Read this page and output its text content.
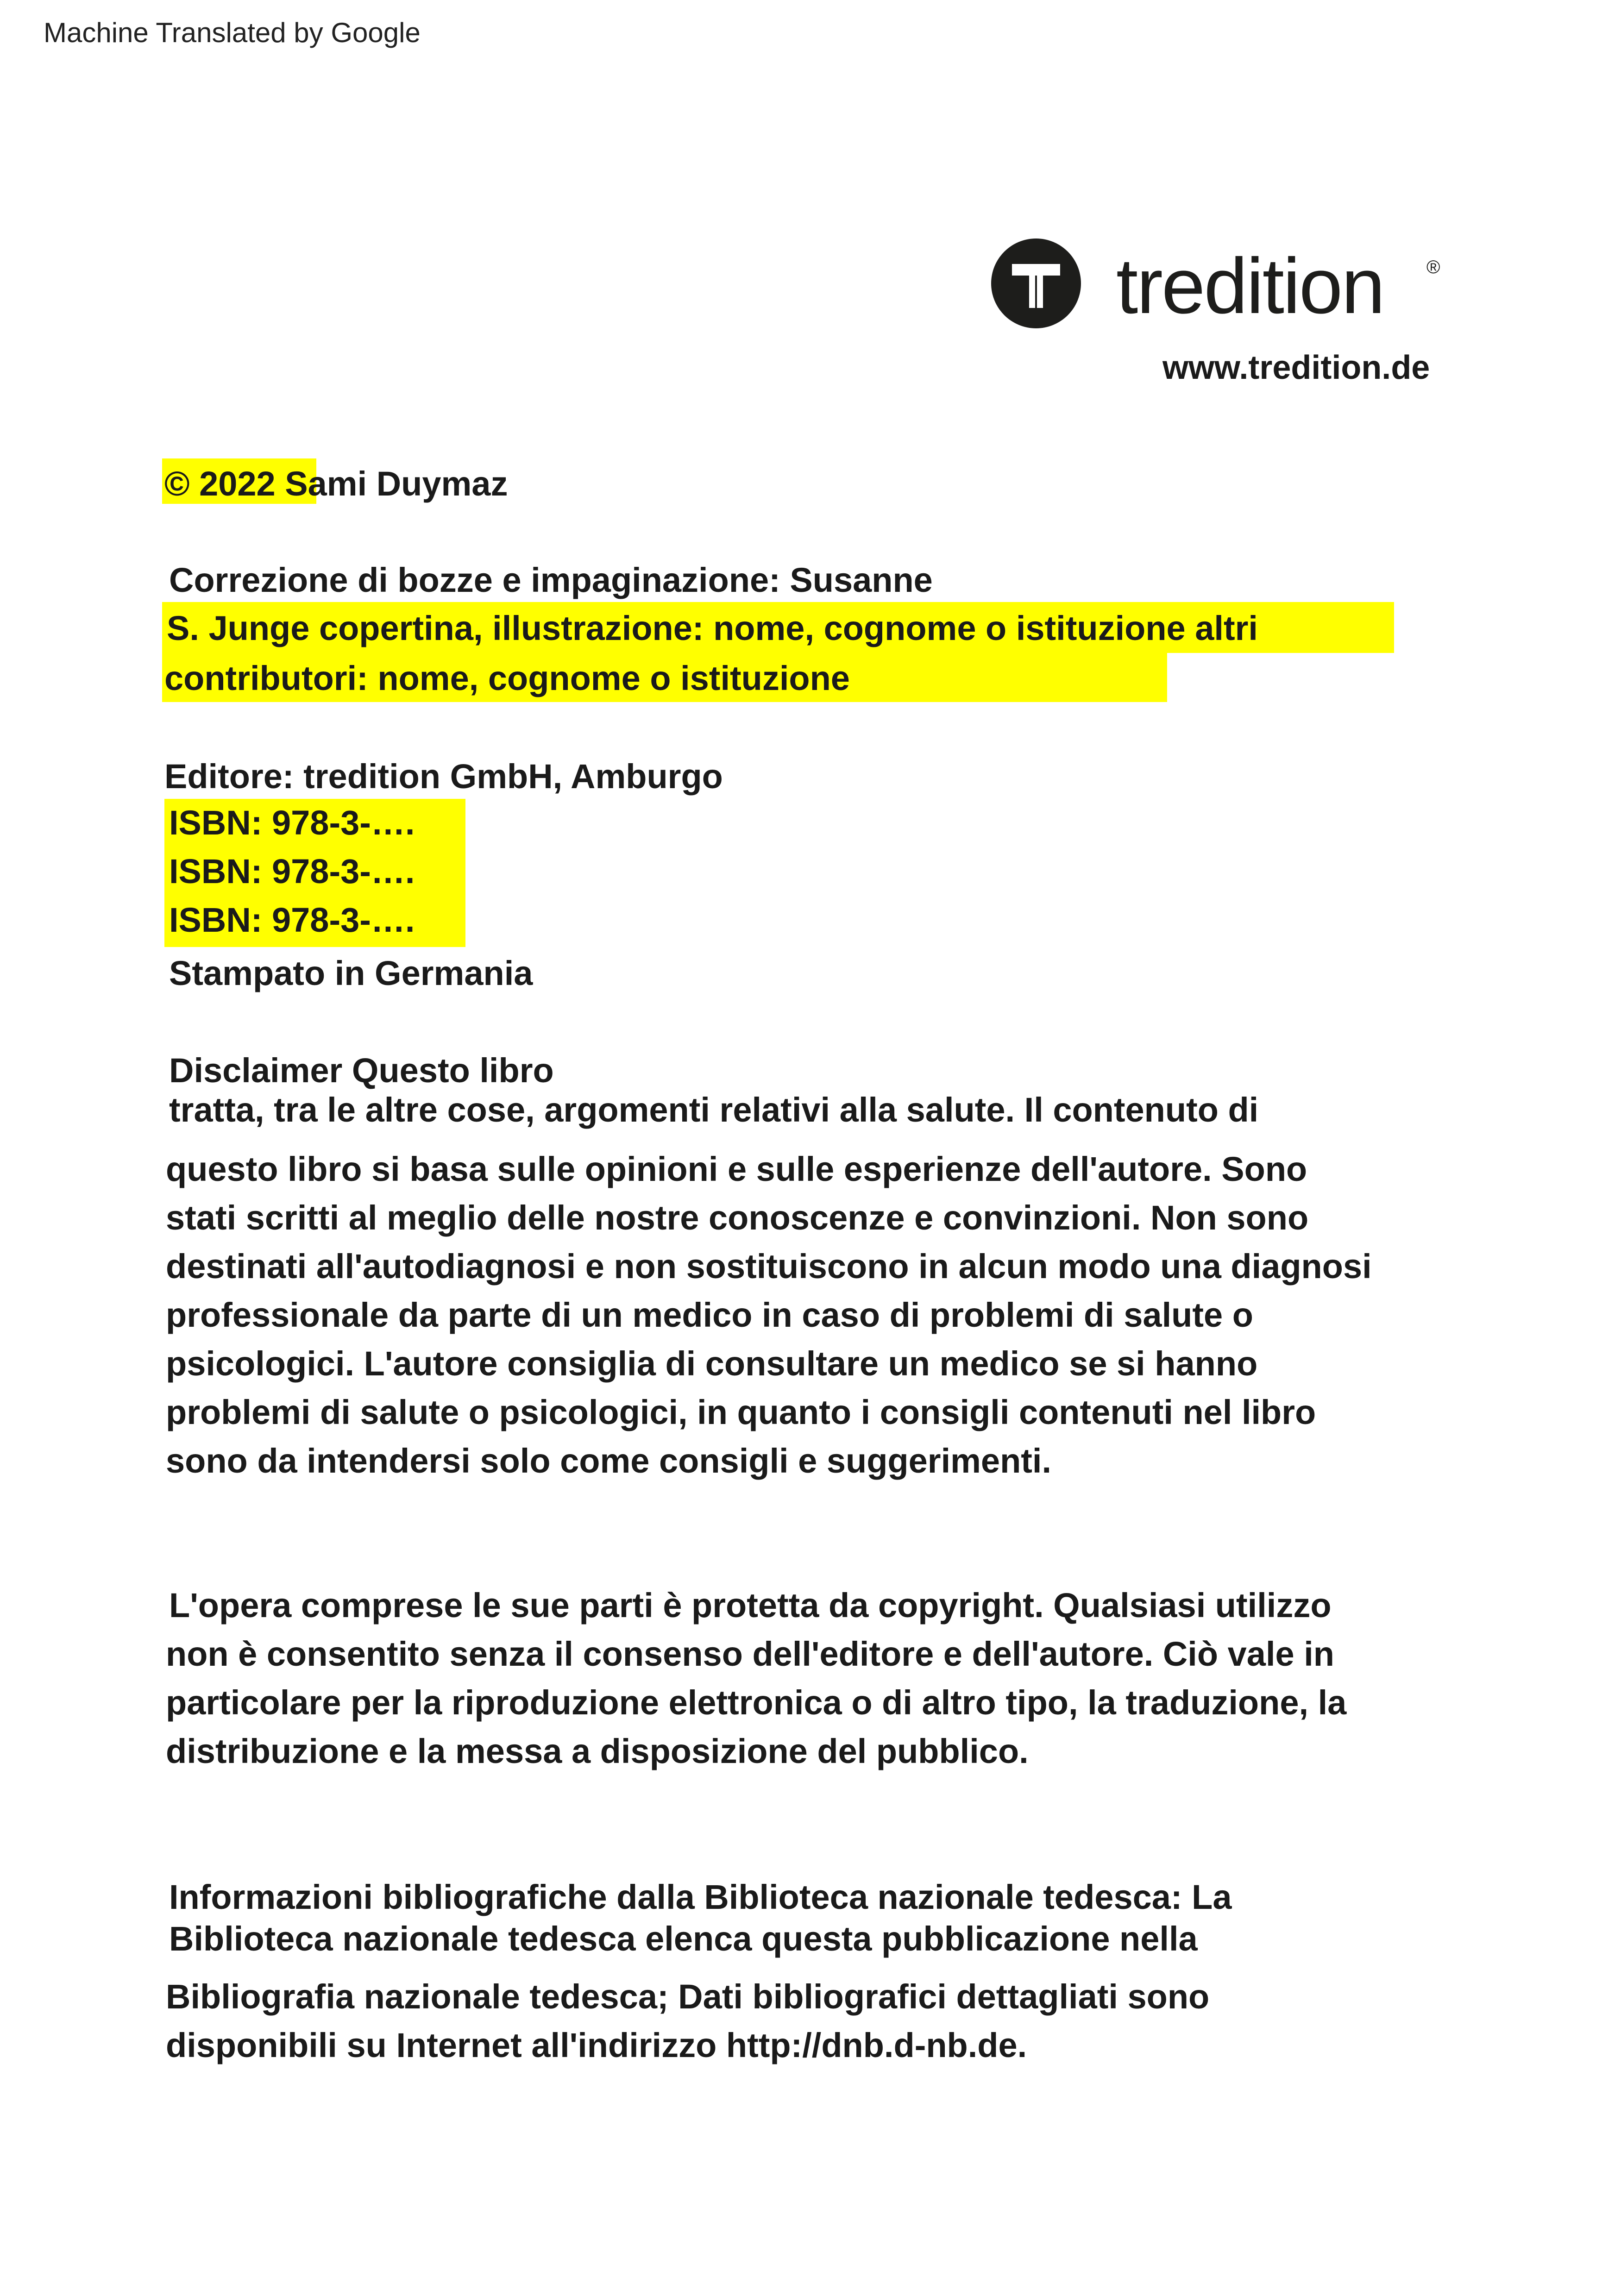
Machine Translated by Google
tredition ®
www.tredition.de
© 2022 Sami Duymaz
Correzione di bozze e impaginazione: Susanne
S. Junge copertina, illustrazione: nome, cognome o istituzione altri
contributori: nome, cognome o istituzione
Editore: tredition GmbH, Amburgo
ISBN: 978-3-….
ISBN: 978-3-….
ISBN: 978-3-….
Stampato in Germania
Disclaimer Questo libro
tratta, tra le altre cose, argomenti relativi alla salute. Il contenuto di
questo libro si basa sulle opinioni e sulle esperienze dell'autore. Sono
stati scritti al meglio delle nostre conoscenze e convinzioni. Non sono
destinati all'autodiagnosi e non sostituiscono in alcun modo una diagnosi
professionale da parte di un medico in caso di problemi di salute o
psicologici. L'autore consiglia di consultare un medico se si hanno
problemi di salute o psicologici, in quanto i consigli contenuti nel libro
sono da intendersi solo come consigli e suggerimenti.
L'opera comprese le sue parti è protetta da copyright. Qualsiasi utilizzo
non è consentito senza il consenso dell'editore e dell'autore. Ciò vale in
particolare per la riproduzione elettronica o di altro tipo, la traduzione, la
distribuzione e la messa a disposizione del pubblico.
Informazioni bibliografiche dalla Biblioteca nazionale tedesca: La
Biblioteca nazionale tedesca elenca questa pubblicazione nella
Bibliografia nazionale tedesca; Dati bibliografici dettagliati sono
disponibili su Internet all'indirizzo http://dnb.d-nb.de.
